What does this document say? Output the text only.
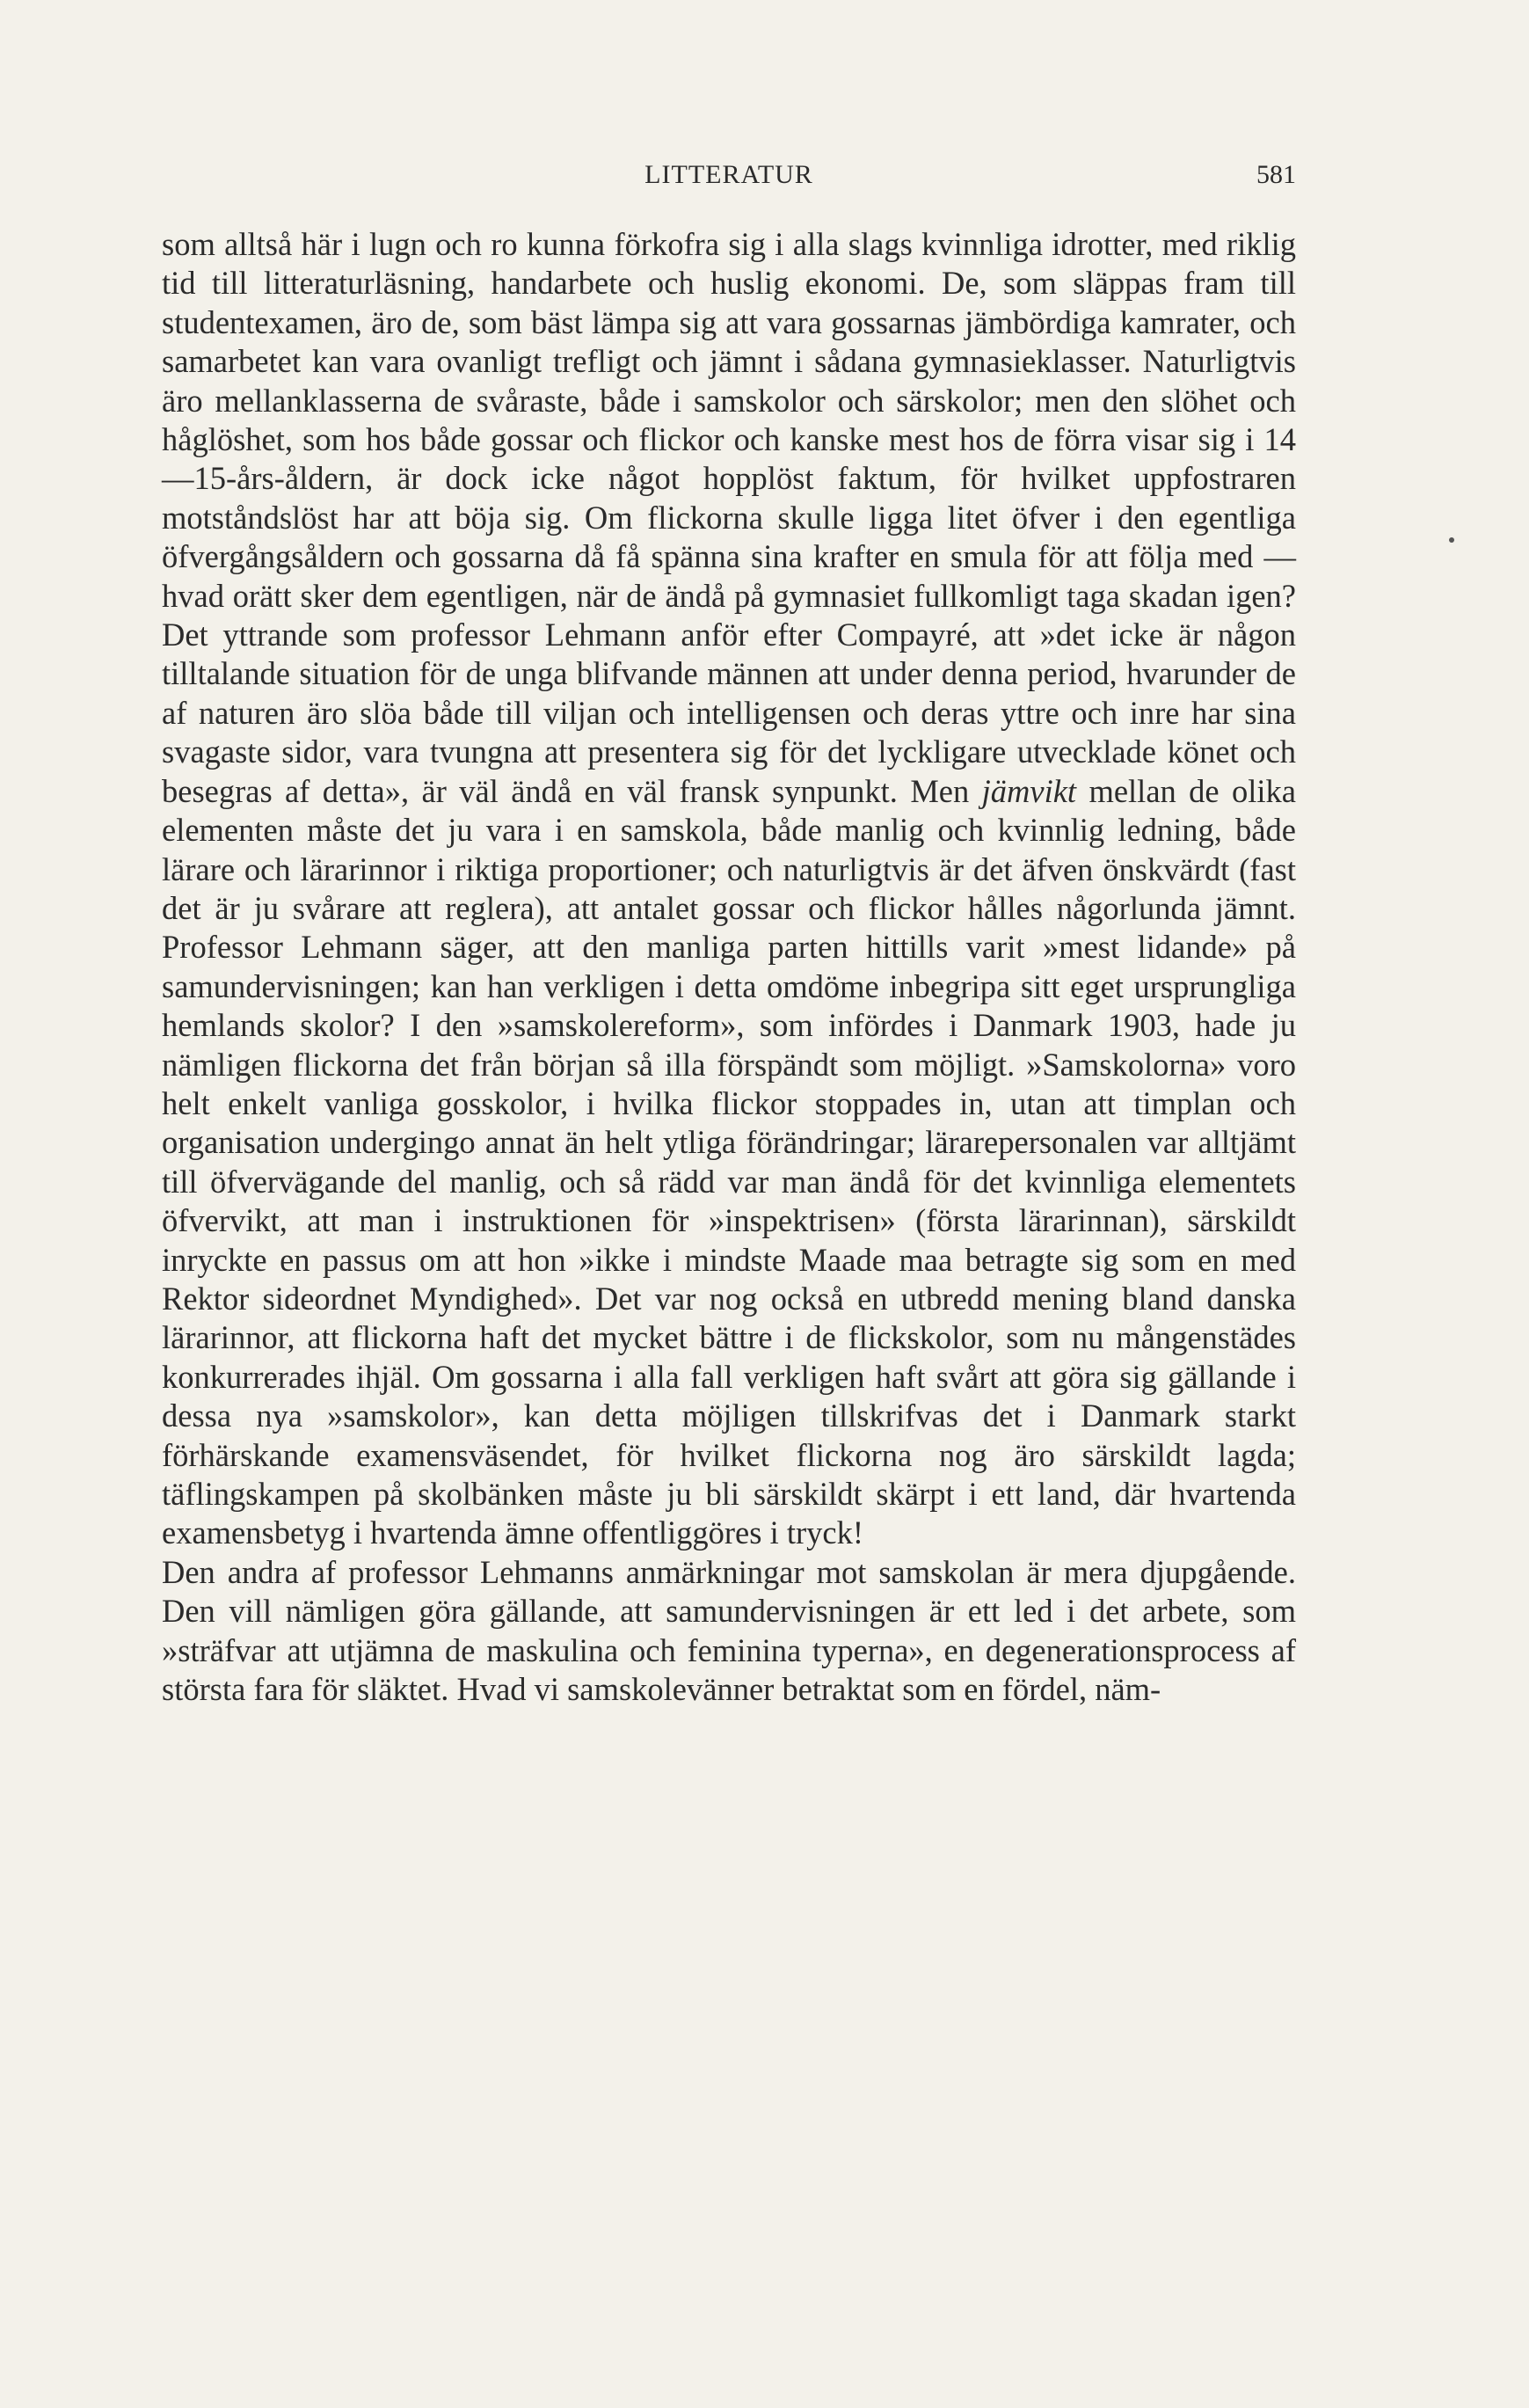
LITTERATUR	581

som alltså här i lugn och ro kunna förkofra sig i alla slags kvinnliga idrotter, med riklig tid till litteraturläsning, handarbete och huslig ekonomi. De, som släppas fram till studentexamen, äro de, som bäst lämpa sig att vara gossarnas jämbördiga kamrater, och samarbetet kan vara ovanligt trefligt och jämnt i sådana gymnasieklasser. Naturligtvis äro mellanklasserna de svåraste, både i samskolor och särskolor; men den slöhet och håglöshet, som hos både gossar och flickor och kanske mest hos de förra visar sig i 14—15-års-åldern, är dock icke något hopplöst faktum, för hvilket uppfostraren motståndslöst har att böja sig. Om flickorna skulle ligga litet öfver i den egentliga öfvergångsåldern och gossarna då få spänna sina krafter en smula för att följa med — hvad orätt sker dem egentligen, när de ändå på gymnasiet fullkomligt taga skadan igen? Det yttrande som professor Lehmann anför efter Compayré, att »det icke är någon tilltalande situation för de unga blifvande männen att under denna period, hvarunder de af naturen äro slöa både till viljan och intelligensen och deras yttre och inre har sina svagaste sidor, vara tvungna att presentera sig för det lyckligare utvecklade könet och besegras af detta», är väl ändå en väl fransk synpunkt. Men jämvikt mellan de olika elementen måste det ju vara i en samskola, både manlig och kvinnlig ledning, både lärare och lärarinnor i riktiga proportioner; och naturligtvis är det äfven önskvärdt (fast det är ju svårare att reglera), att antalet gossar och flickor hålles någorlunda jämnt. Professor Lehmann säger, att den manliga parten hittills varit »mest lidande» på samundervisningen; kan han verkligen i detta omdöme inbegripa sitt eget ursprungliga hemlands skolor? I den »samskolereform», som infördes i Danmark 1903, hade ju nämligen flickorna det från början så illa förspändt som möjligt. »Samskolorna» voro helt enkelt vanliga gosskolor, i hvilka flickor stoppades in, utan att timplan och organisation undergingo annat än helt ytliga förändringar; lärarepersonalen var alltjämt till öfvervägande del manlig, och så rädd var man ändå för det kvinnliga elementets öfvervikt, att man i instruktionen för »inspektrisen» (första lärarinnan), särskildt inryckte en passus om att hon »ikke i mindste Maade maa betragte sig som en med Rektor sideordnet Myndighed». Det var nog också en utbredd mening bland danska lärarinnor, att flickorna haft det mycket bättre i de flickskolor, som nu mångenstädes konkurrerades ihjäl. Om gossarna i alla fall verkligen haft svårt att göra sig gällande i dessa nya »samskolor», kan detta möjligen tillskrifvas det i Danmark starkt förhärskande examensväsendet, för hvilket flickorna nog äro särskildt lagda; täflingskampen på skolbänken måste ju bli särskildt skärpt i ett land, där hvartenda examensbetyg i hvartenda ämne offentliggöres i tryck!

Den andra af professor Lehmanns anmärkningar mot samskolan är mera djupgående. Den vill nämligen göra gällande, att samundervisningen är ett led i det arbete, som »sträfvar att utjämna de maskulina och feminina typerna», en degenerationsprocess af största fara för släktet. Hvad vi samskolevänner betraktat som en fördel, näm-
